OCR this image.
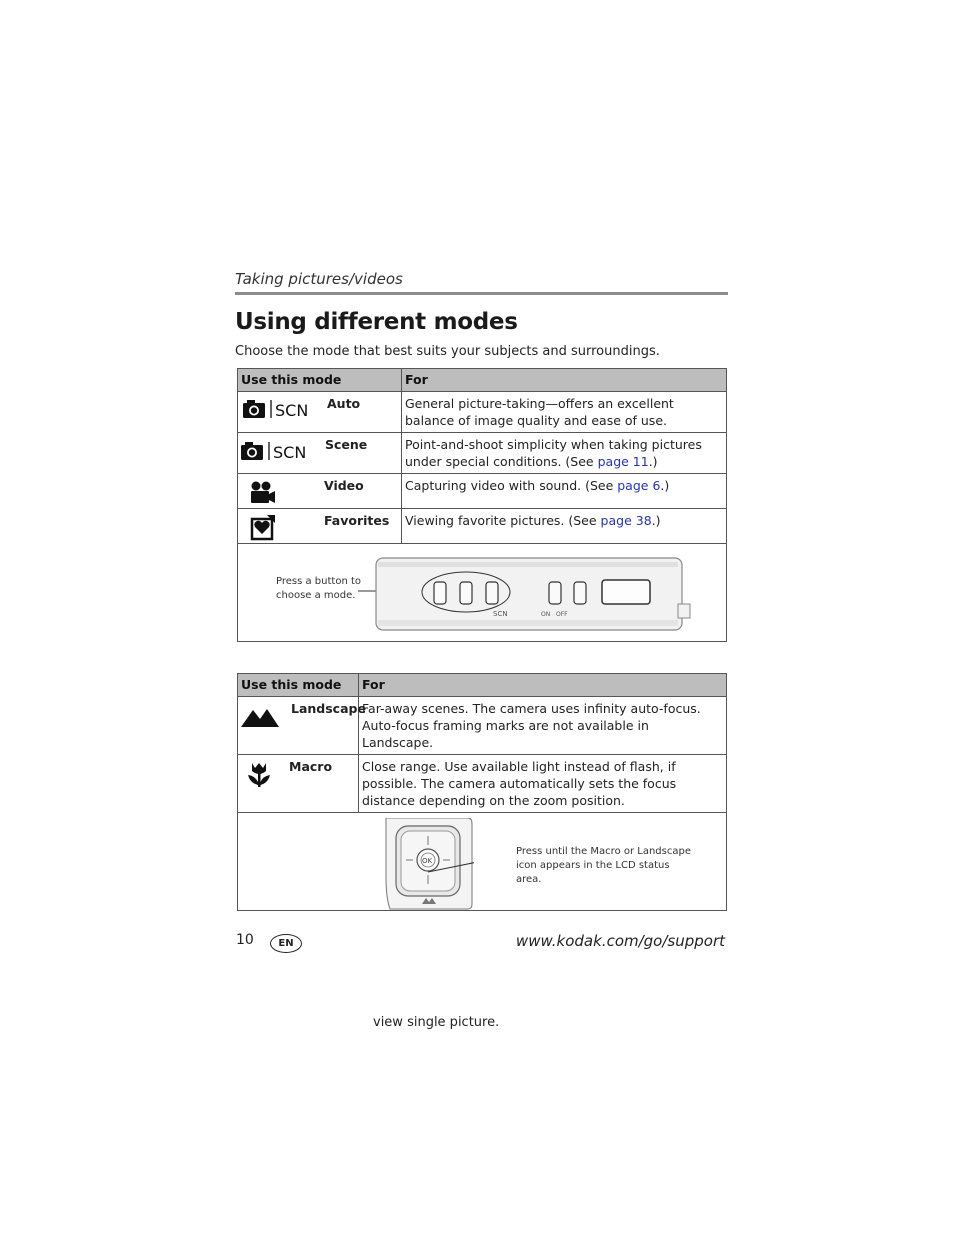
Taking pictures/videos
Using different modes
Choose the mode that best suits your subjects and surroundings.
Use this mode	For

SCN Auto	General picture-taking—offers an excellent balance of image quality and ease of use.

SCN Scene	Point-and-shoot simplicity when taking pictures under special conditions. (See page 11.)

Video	Capturing video with sound. (See page 6.)

Favorites	Viewing favorite pictures. (See page 38.)

Press a button to choose a mode.
SCN ON OFF	
Use this mode	For

Landscape	Far-away scenes. The camera uses infinity auto-focus. Auto-focus framing marks are not available in Landscape.

Macro	Close range. Use available light instead of flash, if possible. The camera automatically sets the focus distance depending on the zoom position.

OK
Press until the Macro or Landscape icon appears in the LCD status area.	
10	EN	www.kodak.com/go/support
view single picture.
